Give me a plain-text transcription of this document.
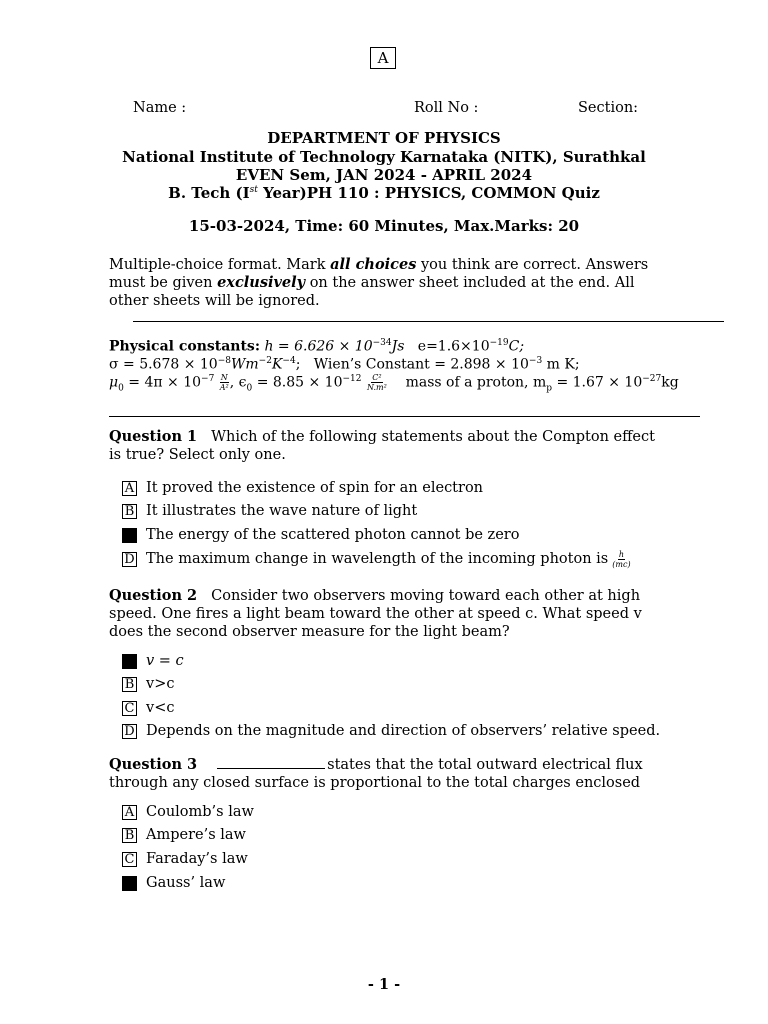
A
Name :	Roll No :	Section:
DEPARTMENT OF PHYSICS
National Institute of Technology Karnataka (NITK), Surathkal
EVEN Sem, JAN 2024 - APRIL 2024
B. Tech (Ist Year)PH 110 : PHYSICS, COMMON Quiz
15-03-2024, Time: 60 Minutes, Max.Marks: 20
Multiple-choice format. Mark all choices you think are correct. Answers must be given exclusively on the answer sheet included at the end. All other sheets will be ignored.
Physical constants: $h = 6.626 \times 10^{-34}Js$ $e=1.6\times 10^{-19}C$;
$\sigma = 5.678 \times 10^{-8}Wm^{-2}K^{-4}$; Wien’s Constant = $2.898 \times 10^{-3}$ m K;
$\mu_0 = 4\pi \times 10^{-7} \frac{N}{\text{A²}}$ , $\epsilon_0 = 8.85 \times 10^{-12} \frac{\text{C²}}{\text{N.m²}}$ mass of a proton, $m_p = 1.67 \times 10^{-27}kg$
Question 1 Which of the following statements about the Compton effect is true? Select only one.
A It proved the existence of spin for an electron
B It illustrates the wave nature of light
The energy of the scattered photon cannot be zero
D The maximum change in wavelength of the incoming photon is $\frac{h}{(mc)}$
Question 2 Consider two observers moving toward each other at high speed. One fires a light beam toward the other at speed c. What speed v does the second observer measure for the light beam?
v = c
B v>c
C v<c
D Depends on the magnitude and direction of observers’ relative speed.
Question 3	states that the total outward electrical flux through any closed surface is proportional to the total charges enclosed
A Coulomb’s law
B Ampere’s law
C Faraday’s law
Gauss’ law
- 1 -
